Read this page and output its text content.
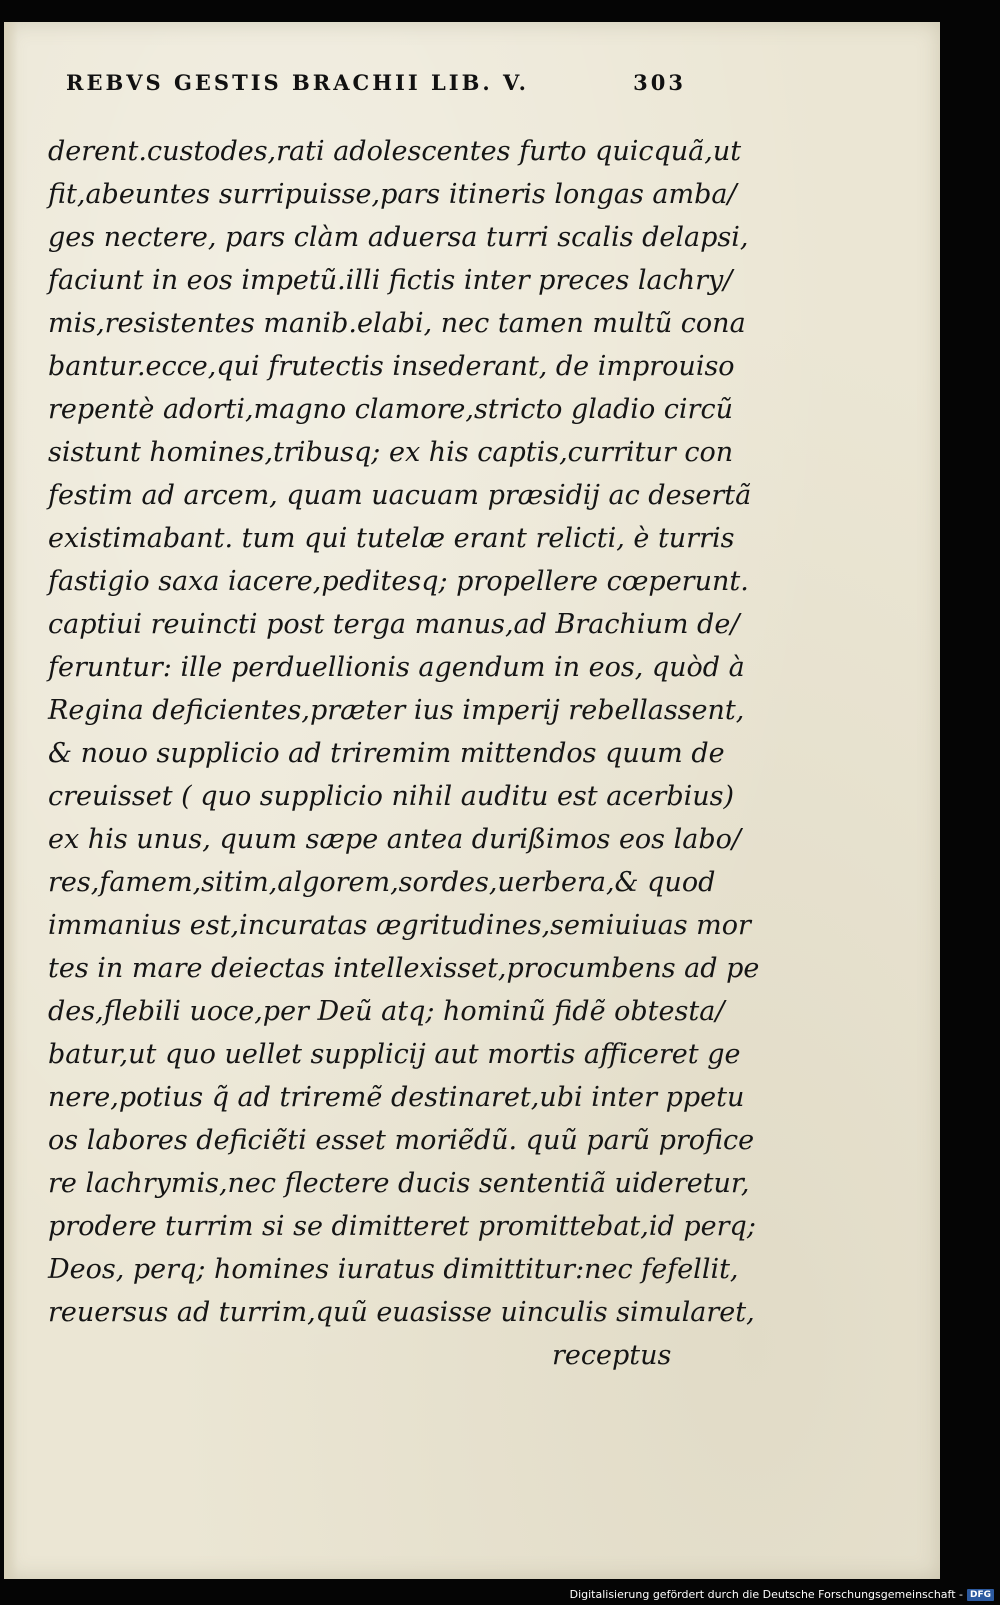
REBVS GESTIS BRACHII LIB. V.	303
derent.custodes,rati adolescentes furto quicquã,ut
fit,abeuntes surripuisse,pars itineris longas amba/
ges nectere, pars clàm aduersa turri scalis delapsi,
faciunt in eos impetũ.illi fictis inter preces lachry/
mis,resistentes manib.elabi, nec tamen multũ cona
bantur.ecce,qui frutectis insederant, de improuiso
repentè adorti,magno clamore,stricto gladio circũ
sistunt homines,tribusq; ex his captis,curritur con
festim ad arcem, quam uacuam præsidij ac desertã
existimabant. tum qui tutelæ erant relicti, è turris
fastigio saxa iacere,peditesq; propellere cœperunt.
captiui reuincti post terga manus,ad Brachium de/
feruntur: ille perduellionis agendum in eos, quòd à
Regina deficientes,præter ius imperij rebellassent,
& nouo supplicio ad triremim mittendos quum de
creuisset ( quo supplicio nihil auditu est acerbius)
ex his unus, quum sæpe antea durißimos eos labo/
res,famem,sitim,algorem,sordes,uerbera,& quod
immanius est,incuratas ægritudines,semiuiuas mor
tes in mare deiectas intellexisset,procumbens ad pe
des,flebili uoce,per Deũ atq; hominũ fidẽ obtesta/
batur,ut quo uellet supplicij aut mortis afficeret ge
nere,potius q̃ ad triremẽ destinaret,ubi inter ppetu
os labores deficiẽti esset moriẽdũ. quũ parũ profice
re lachrymis,nec flectere ducis sententiã uideretur,
prodere turrim si se dimitteret promittebat,id perq;
Deos, perq; homines iuratus dimittitur:nec fefellit,
reuersus ad turrim,quũ euasisse uinculis simularet,
receptus
Digitalisierung gefördert durch die Deutsche Forschungsgemeinschaft - DFG
